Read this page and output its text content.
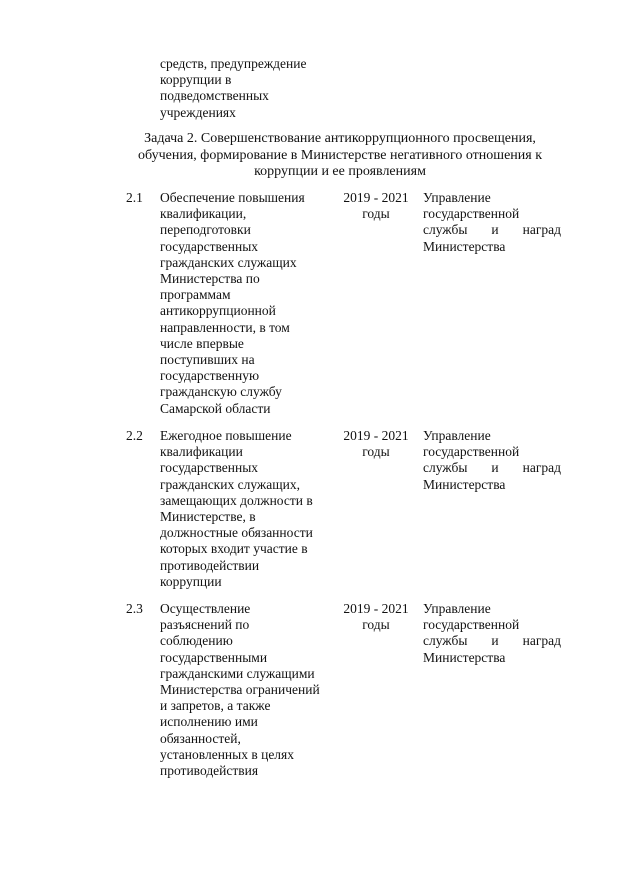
средств, предупреждение
коррупции в
подведомственных
учреждениях
Задача 2. Совершенствование антикоррупционного просвещения, обучения, формирование в Министерстве негативного отношения к коррупции и ее проявлениям
2.1 Обеспечение повышения
квалификации,
переподготовки
государственных
гражданских служащих
Министерства по
программам
антикоррупционной
направленности, в том
числе впервые
поступивших на
государственную
гражданскую службу
Самарской области
2019 - 2021
годы
Управление государственной службы и наград Министерства
2.2 Ежегодное повышение
квалификации
государственных
гражданских служащих,
замещающих должности в
Министерстве, в
должностные обязанности
которых входит участие в
противодействии
коррупции
2019 - 2021
годы
Управление государственной службы и наград Министерства
2.3 Осуществление
разъяснений по
соблюдению
государственными
гражданскими служащими
Министерства ограничений
и запретов, а также
исполнению ими
обязанностей,
установленных в целях
противодействия
2019 - 2021
годы
Управление государственной службы и наград Министерства
